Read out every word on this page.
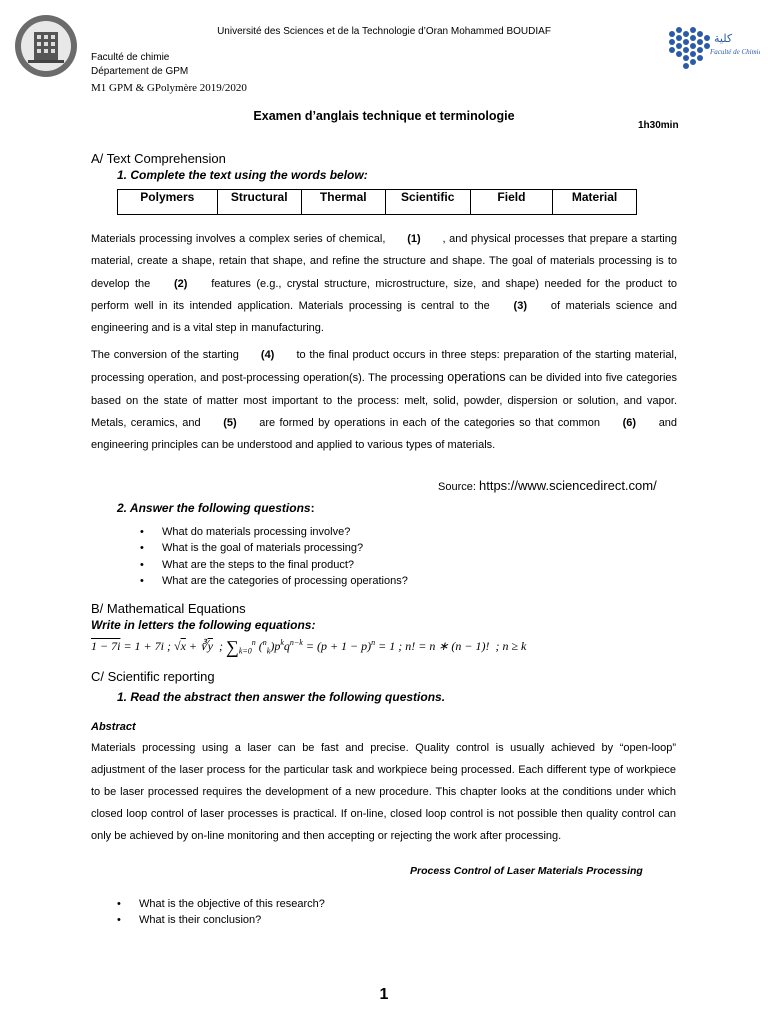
Université des Sciences et de la Technologie d’Oran Mohammed BOUDIAF
كلية
Faculté de Chimie
Faculté de chimie
Département de GPM
M1 GPM & GPolymère 2019/2020
Examen d’anglais technique et terminologie
1h30min
A/ Text Comprehension
1. Complete the text using the words below:
Polymers	Structural	Thermal	Scientific	Field	Material
Materials processing involves a complex series of chemical, (1) , and physical processes that prepare a starting material, create a shape, retain that shape, and refine the structure and shape. The goal of materials processing is to develop the (2) features (e.g., crystal structure, microstructure, size, and shape) needed for the product to perform well in its intended application. Materials processing is central to the (3) of materials science and engineering and is a vital step in manufacturing.
The conversion of the starting (4) to the final product occurs in three steps: preparation of the starting material, processing operation, and post-processing operation(s). The processing operations can be divided into five categories based on the state of matter most important to the process: melt, solid, powder, dispersion or solution, and vapor. Metals, ceramics, and (5) are formed by operations in each of the categories so that common (6) and engineering principles can be understood and applied to various types of materials.
Source: https://www.sciencedirect.com/
2. Answer the following questions:
• What do materials processing involve?
• What is the goal of materials processing?
• What are the steps to the final product?
• What are the categories of processing operations?
B/ Mathematical Equations
Write in letters the following equations:
1 − 7i = 1 + 7i ; $√x + ∛\overline{y}$  ; $\sum_{k=0}^n$ $(^n_k)p^kq^{n-k} = (p + 1 - p)^n = 1$ ; n! = n ∗ (n − 1)!  ; n ≥ k
C/ Scientific reporting
1. Read the abstract then answer the following questions.
Abstract
Materials processing using a laser can be fast and precise. Quality control is usually achieved by “open-loop” adjustment of the laser process for the particular task and workpiece being processed. Each different type of workpiece to be laser processed requires the development of a new procedure. This chapter looks at the conditions under which closed loop control of laser processes is practical. If on-line, closed loop control is not possible then quality control can only be achieved by on-line monitoring and then accepting or rejecting the work after processing.
Process Control of Laser Materials Processing
• What is the objective of this research?
• What is their conclusion?
1
